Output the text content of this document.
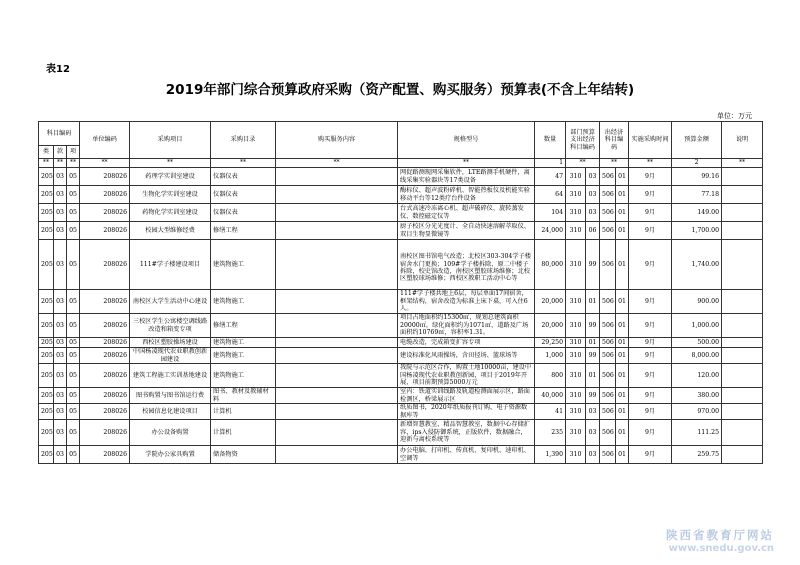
表12
2019年部门综合预算政府采购（资产配置、购买服务）预算表(不含上年结转)
单位：万元
科目编码			单位编码	采购项目	采购目录	购买服务内容	规格型号	数量	部门预算支出经济科目编码		出经济科目编码		实施采购时间	预算金额	说明
类	款	项													
**	**	**	**	**	**	**	**	1	**		**		**	2	**
205	03	05	208026	药理学实训室建设	仪器仪表		网促路测现网采集软件，LTE路测手机硬件，离线采集实验器块等17类设备	47	310	03	506	01	9月	99.16	
205	03	05	208026	生物化学实训室建设	仪器仪表		酶标仪、超声波粉碎机、智能热板仪及机能实验移动平台等12类疗台件设备	64	310	03	506	01	9月	77.18	
205	03	05	208026	药物化学实训室建设	仪器仪表		台式高速冷冻离心机、超声破碎仪、旋转蒸发仪、数控磁定仪等	104	310	03	506	01	9月	149.00	
205	03	05	208026	校园大型维修经费	修缮工程		厨子校区分光光度计、全自动快速溶解萃取仪、双目生物显微镜等	24,000	310	06	506	01	9月	1,700.00	
205	03	05	208026	111#学子楼建设项目	建筑物施工		南校区图书馆电气改造；北校区303-304学子楼宿舍水门更换；109#学子楼拆除，原二中楼子拆除，校史馆改造，南校区塑胶球场维修；北校区塑胶球场维修；西校区教职工活动中心等	80,000	310	99	506	01	9月	1,740.00	
205	03	05	208026	南校区大学生活动中心建设	建筑物施工		111#学子楼共地上6层，每层单面17间宿舍，框架结构，宿舍改造为标准上床下桌，可入住6人。	20,000	310	01	506	01	9月	900.00	
205	03	05	208026	三校区学生公寓楼空调线路改造和箱变专项	修缮工程		项目占地面积约15300㎡，规划总建筑面积20000㎡，绿化面积约为1071㎡，道路及广场面积约10769㎡，容积率1.31。	20,000	310	99	506	01	9月	1,000.00	
205	03	05	208026	西校区塑胶操场建设	建筑物施工		电缆改造，完成箱变扩容专项	29,250	310	01	506	01	9月	500.00	
205	03	05	208026	中国杨凌现代农业职教创新园建设	建筑物施工		建设标准化风雨操场，含田径场、篮球场等	1,000	310	99	506	01	9月	8,000.00	
205	03	05	208026	建筑工程施工实训基地建设	建筑物施工		我院与示范区合作，购置土地10000亩，建设中国杨凌现代农业职教创新园，项目于2019年开展，项目前期预算5000万元	800	310	01	506	01	9月	120.00	
205	03	05	208026	图书购置与图书馆运行费	图书、教材及教辅材料		室内：铁道实训线路及轨道检测面展示区，路面检测区，桥梁展示区	40,000	310	99	506	01	9月	380.00	
205	03	05	208026	校园信息化建设项目	计算机		纸质图书，2020年纸质报刊订购，电子资源数据库等	41	310	03	506	01	9月	970.00	
205	03	05	208026	办公设备购置	计算机		新增智慧教室、精品智慧教室，数据中心存储扩容，ips入侵防御系统，正版软件，数据融合，迎新与离校系统等	235	310	03	506	01	9月	111.25	
205	03	05	208026	学院办公家具购置	储备物资		办公电脑、打印机、传真机、复印机、速印机、空调等	1,390	310	03	506	01	9月	259.75	
陕西省教育厅网站
www.snedu.gov.cn
